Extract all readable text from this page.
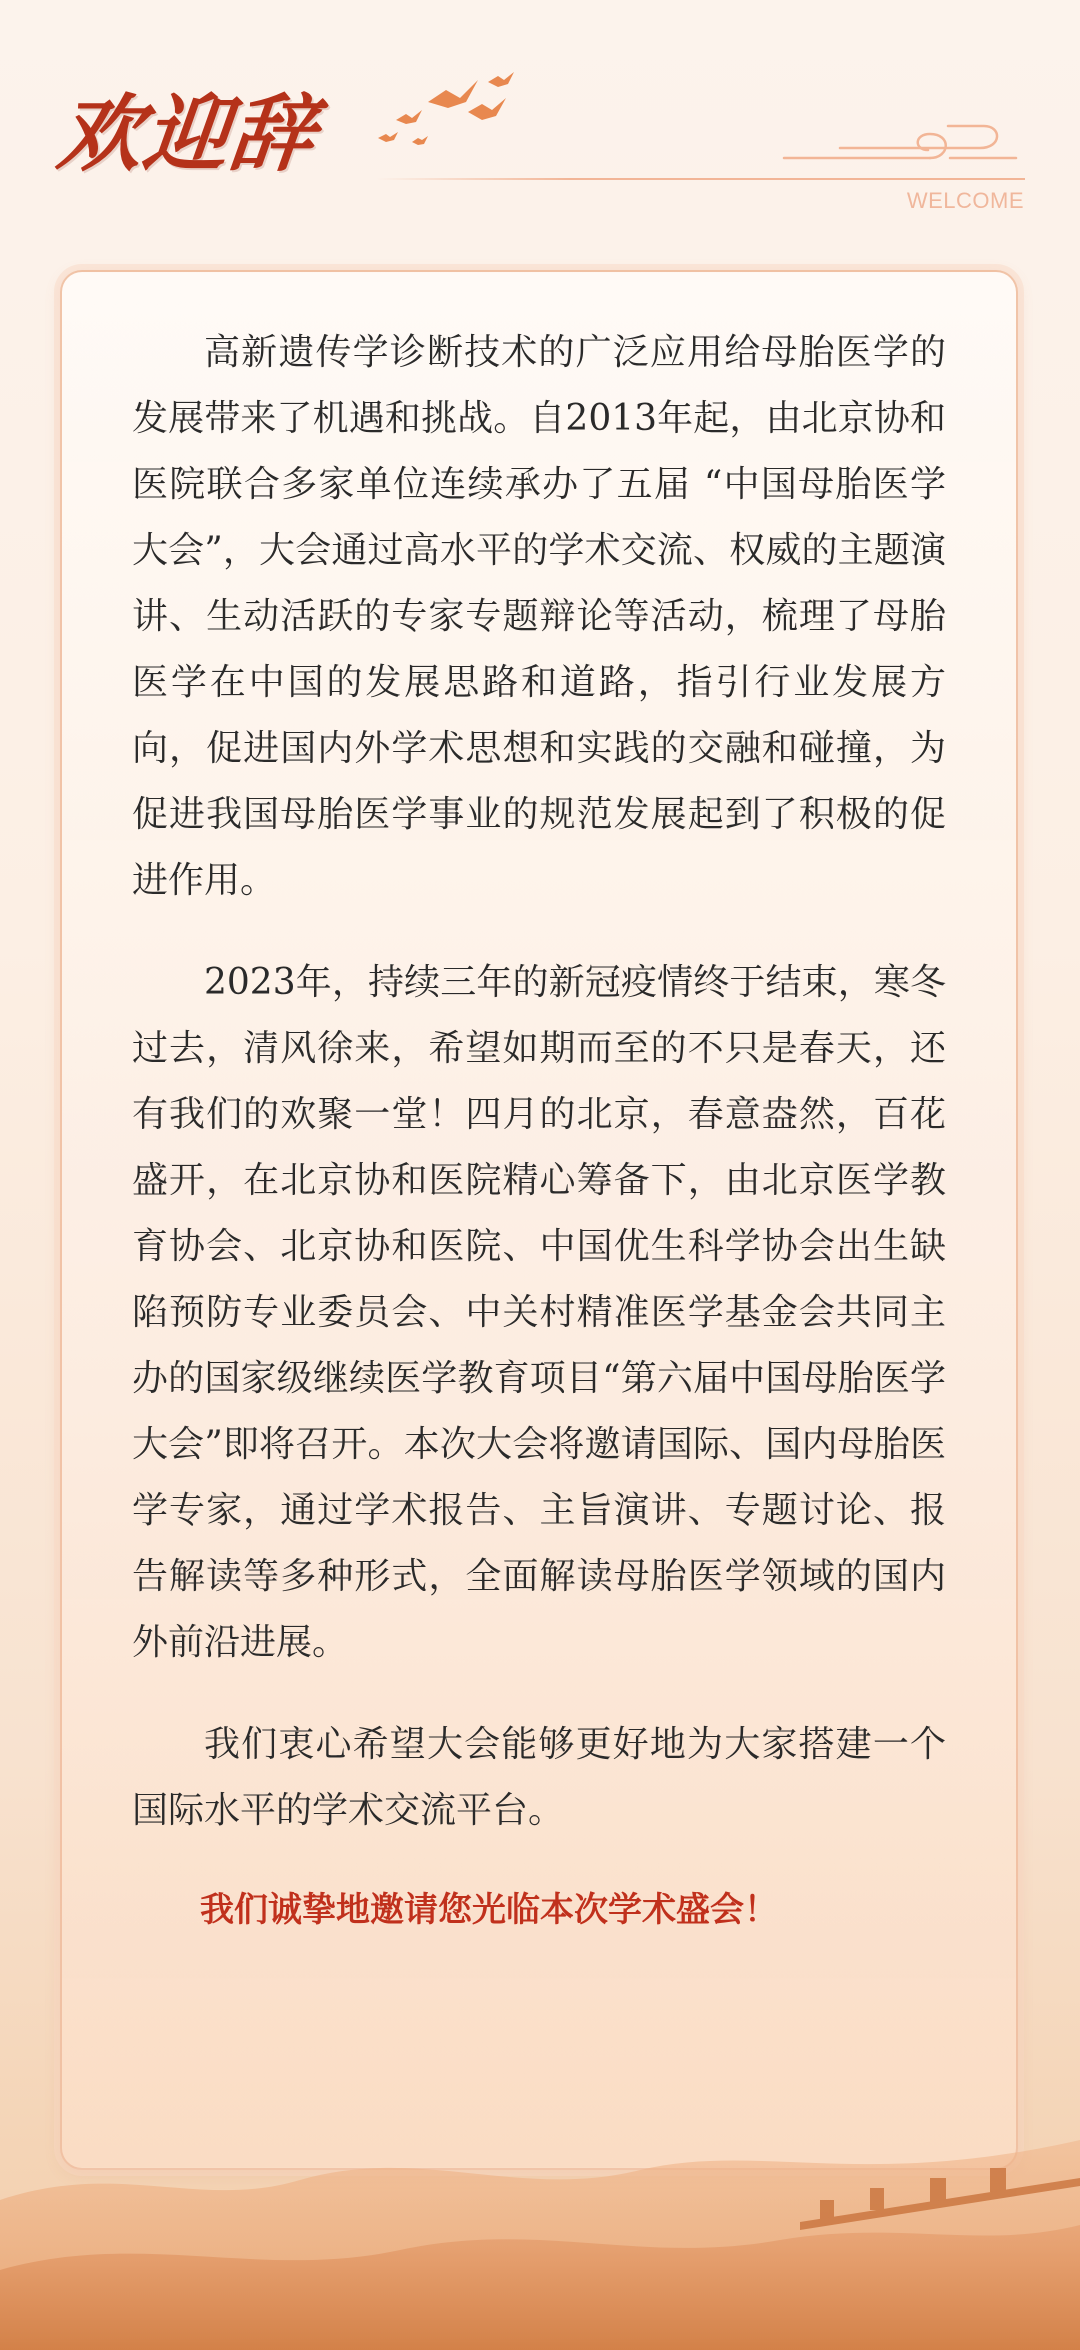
欢迎辞
WELCOME

高新遗传学诊断技术的广泛应用给母胎医学的发展带来了机遇和挑战。自2013年起，由北京协和医院联合多家单位连续承办了五届 “中国母胎医学大会”，大会通过高水平的学术交流、权威的主题演讲、生动活跃的专家专题辩论等活动，梳理了母胎医学在中国的发展思路和道路，指引行业发展方向，促进国内外学术思想和实践的交融和碰撞，为促进我国母胎医学事业的规范发展起到了积极的促进作用。

2023年，持续三年的新冠疫情终于结束，寒冬过去，清风徐来，希望如期而至的不只是春天，还有我们的欢聚一堂！四月的北京，春意盎然，百花盛开，在北京协和医院精心筹备下，由北京医学教育协会、北京协和医院、中国优生科学协会出生缺陷预防专业委员会、中关村精准医学基金会共同主办的国家级继续医学教育项目“第六届中国母胎医学大会”即将召开。本次大会将邀请国际、国内母胎医学专家，通过学术报告、主旨演讲、专题讨论、报告解读等多种形式，全面解读母胎医学领域的国内外前沿进展。

我们衷心希望大会能够更好地为大家搭建一个国际水平的学术交流平台。

我们诚挚地邀请您光临本次学术盛会！
